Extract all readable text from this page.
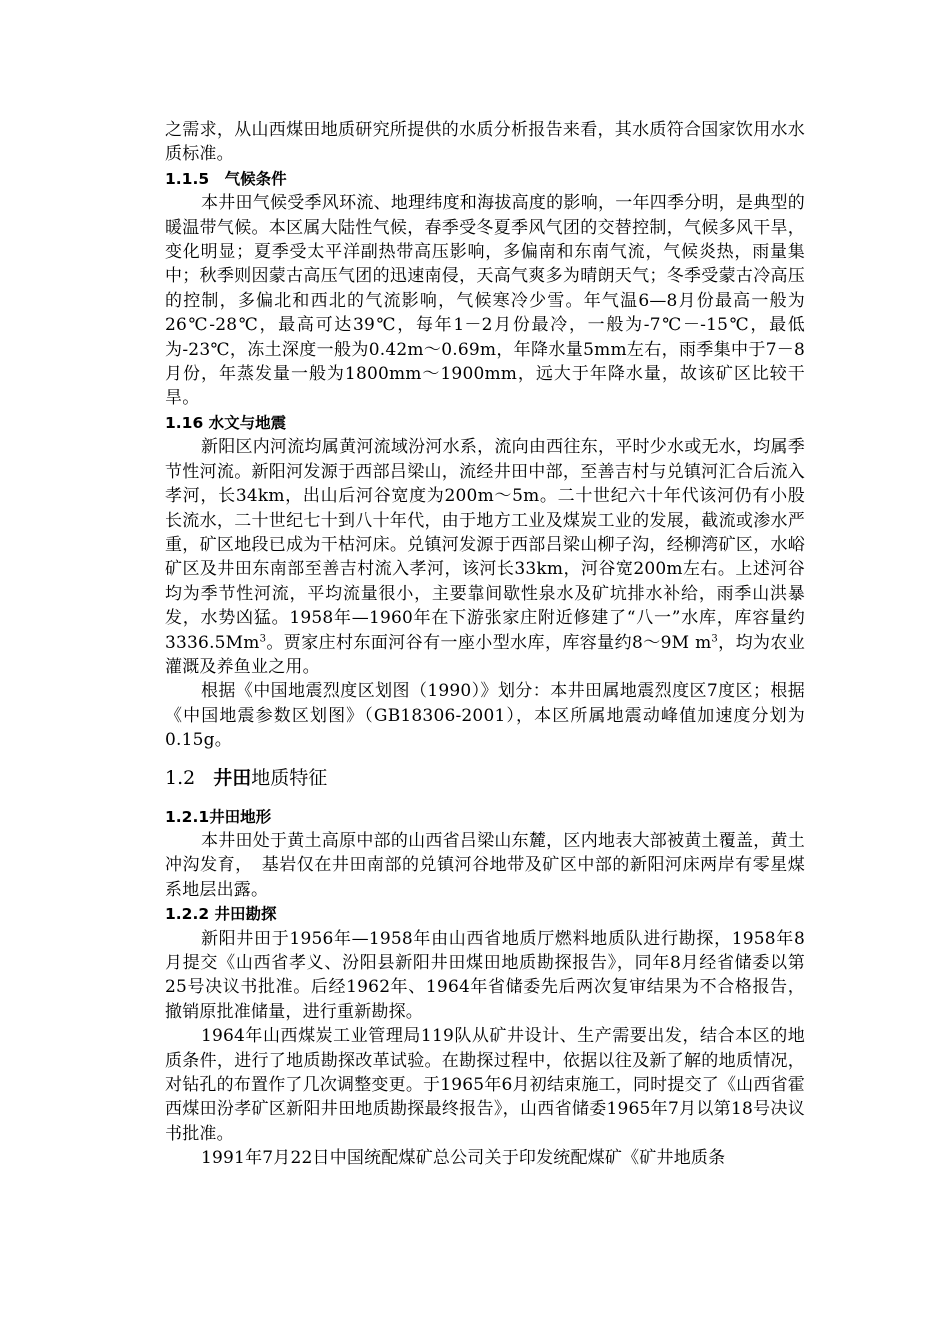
之需求，从山西煤田地质研究所提供的水质分析报告来看，其水质符合国家饮用水水质标准。

1.1.5　气候条件

本井田气候受季风环流、地理纬度和海拔高度的影响，一年四季分明，是典型的暖温带气候。本区属大陆性气候，春季受冬夏季风气团的交替控制，气候多风干旱，变化明显；夏季受太平洋副热带高压影响，多偏南和东南气流，气候炎热，雨量集中；秋季则因蒙古高压气团的迅速南侵，天高气爽多为晴朗天气；冬季受蒙古冷高压的控制，多偏北和西北的气流影响，气候寒冷少雪。年气温6—8月份最高一般为26℃-28℃，最高可达39℃，每年1－2月份最冷，一般为-7℃－-15℃，最低为-23℃，冻土深度一般为0.42m～0.69m，年降水量5mm左右，雨季集中于7－8月份，年蒸发量一般为1800mm～1900mm，远大于年降水量，故该矿区比较干旱。

1.16 水文与地震

新阳区内河流均属黄河流域汾河水系，流向由西往东，平时少水或无水，均属季节性河流。新阳河发源于西部吕梁山，流经井田中部，至善吉村与兑镇河汇合后流入孝河，长34km，出山后河谷宽度为200m～5m。二十世纪六十年代该河仍有小股长流水，二十世纪七十到八十年代，由于地方工业及煤炭工业的发展，截流或渗水严重，矿区地段已成为干枯河床。兑镇河发源于西部吕梁山柳子沟，经柳湾矿区，水峪矿区及井田东南部至善吉村流入孝河，该河长33km，河谷宽200m左右。上述河谷均为季节性河流，平均流量很小，主要靠间歇性泉水及矿坑排水补给，雨季山洪暴发，水势凶猛。1958年—1960年在下游张家庄附近修建了“八一”水库，库容量约3336.5Mm$^3$。贾家庄村东面河谷有一座小型水库，库容量约8～9M $m^3$，均为农业灌溉及养鱼业之用。

根据《中国地震烈度区划图（1990）》划分：本井田属地震烈度区7度区；根据《中国地震参数区划图》（GB18306-2001），本区所属地震动峰值加速度分划为0.15g。

1.2 井田地质特征

1.2.1井田地形

本井田处于黄土高原中部的山西省吕梁山东麓，区内地表大部被黄土覆盖，黄土冲沟发育，　基岩仅在井田南部的兑镇河谷地带及矿区中部的新阳河床两岸有零星煤系地层出露。

1.2.2 井田勘探

新阳井田于1956年—1958年由山西省地质厅燃料地质队进行勘探，1958年8月提交《山西省孝义、汾阳县新阳井田煤田地质勘探报告》，同年8月经省储委以第25号决议书批准。后经1962年、1964年省储委先后两次复审结果为不合格报告，撤销原批准储量，进行重新勘探。

1964年山西煤炭工业管理局119队从矿井设计、生产需要出发，结合本区的地质条件，进行了地质勘探改革试验。在勘探过程中，依据以往及新了解的地质情况，对钻孔的布置作了几次调整变更。于1965年6月初结束施工，同时提交了《山西省霍西煤田汾孝矿区新阳井田地质勘探最终报告》，山西省储委1965年7月以第18号决议书批准。

1991年7月22日中国统配煤矿总公司关于印发统配煤矿《矿井地质条
